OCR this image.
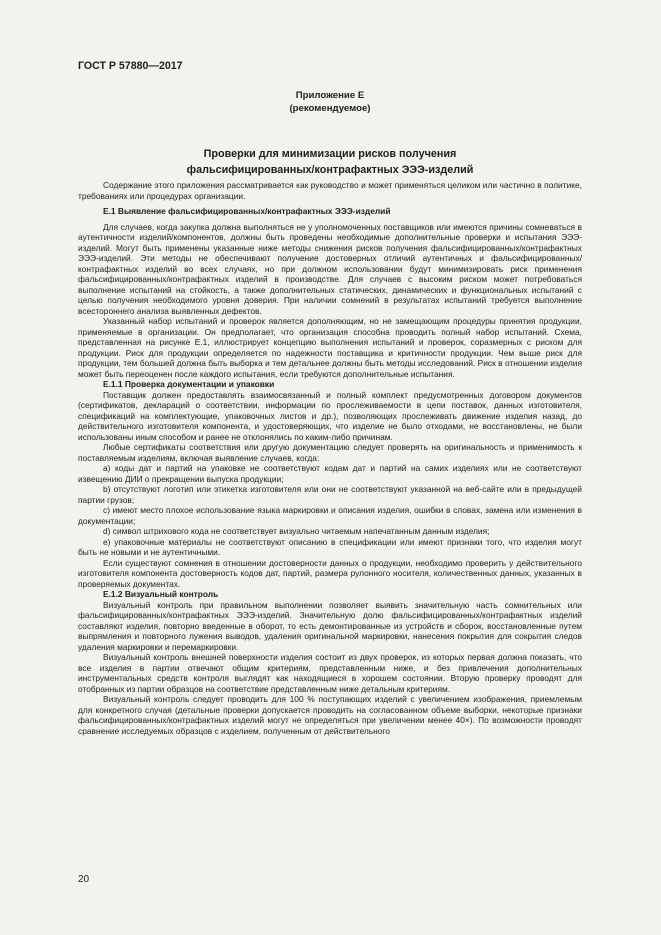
ГОСТ Р 57880—2017
Приложение Е
(рекомендуемое)
Проверки для минимизации рисков получения
фальсифицированных/контрафактных ЭЭЭ-изделий

Содержание этого приложения рассматривается как руководство и может применяться целиком или частично в политике, требованиях или процедурах организации.

Е.1 Выявление фальсифицированных/контрафактных ЭЭЭ-изделий

Для случаев, когда закупка должна выполняться не у уполномоченных поставщиков или имеются причины сомневаться в аутентичности изделий/компонентов, должны быть проведены необходимые дополнительные проверки и испытания ЭЭЭ-изделий. Могут быть применены указанные ниже методы снижения рисков получения фальсифицированных/контрафактных ЭЭЭ-изделий. Эти методы не обеспечивают получение достоверных отличий аутентичных и фальсифицированных/контрафактных изделий во всех случаях, но при должном использовании будут минимизировать риск применения фальсифицированных/контрафактных изделий в производстве. Для случаев с высоким риском может потребоваться выполнение испытаний на стойкость, а также дополнительных статических, динамических и функциональных испытаний с целью получения необходимого уровня доверия. При наличии сомнений в результатах испытаний требуется выполнение всестороннего анализа выявленных дефектов.

Указанный набор испытаний и проверок является дополняющим, но не замещающим процедуры принятия продукции, применяемые в организации. Он предполагает, что организация способна проводить полный набор испытаний. Схема, представленная на рисунке Е.1, иллюстрирует концепцию выполнения испытаний и проверок, соразмерных с риском для продукции. Риск для продукции определяется по надежности поставщика и критичности продукции. Чем выше риск для продукции, тем большей должна быть выборка и тем детальнее должны быть методы исследований. Риск в отношении изделия может быть переоценен после каждого испытания, если требуются дополнительные испытания.

Е.1.1 Проверка документации и упаковки

Поставщик должен предоставлять взаимосвязанный и полный комплект предусмотренных договором документов (сертификатов, деклараций о соответствии, информации по прослеживаемости в цепи поставок, данных изготовителя, спецификаций на комплектующие, упаковочных листов и др.), позволяющих прослеживать движение изделия назад, до действительного изготовителя компонента, и удостоверяющих, что изделие не было отходами, не восстановлены, не были использованы иным способом и ранее не отклонялись по каким-либо причинам.

Любые сертификаты соответствия или другую документацию следует проверять на оригинальность и применимость к поставляемым изделиям, включая выявление случаев, когда:

а) коды дат и партий на упаковке не соответствуют кодам дат и партий на самих изделиях или не соответствуют извещению ДИИ о прекращении выпуска продукции;

b) отсутствуют логотип или этикетка изготовителя или они не соответствуют указанной на веб-сайте или в предыдущей партии грузов;

c) имеют место плохое использование языка маркировки и описания изделия, ошибки в словах, замена или изменения в документации;

d) символ штрихового кода не соответствует визуально читаемым напечатанным данным изделия;

e) упаковочные материалы не соответствуют описанию в спецификации или имеют признаки того, что изделия могут быть не новыми и не аутентичными.

Если существуют сомнения в отношении достоверности данных о продукции, необходимо проверить у действительного изготовителя компонента достоверность кодов дат, партий, размера рулонного носителя, количественных данных, указанных в проверяемых документах.

Е.1.2 Визуальный контроль

Визуальный контроль при правильном выполнении позволяет выявить значительную часть сомнительных или фальсифицированных/контрафактных ЭЭЭ-изделий. Значительную долю фальсифицированных/контрафактных изделий составляют изделия, повторно введенные в оборот, то есть демонтированные из устройств и сборок, восстановленные путем выпрямления и повторного лужения выводов, удаления оригинальной маркировки, нанесения покрытия для сокрытия следов удаления маркировки и перемаркировки.

Визуальный контроль внешней поверхности изделия состоит из двух проверок, из которых первая должна показать, что все изделия в партии отвечают общим критериям, представленным ниже, и без привлечения дополнительных инструментальных средств контроля выглядят как находящиеся в хорошем состоянии. Вторую проверку проводят для отобранных из партии образцов на соответствие представленным ниже детальным критериям.

Визуальный контроль следует проводить для 100 % поступающих изделий с увеличением изображения, приемлемым для конкретного случая (детальные проверки допускается проводить на согласованном объеме выборки, некоторые признаки фальсифицированных/контрафактных изделий могут не определяться при увеличении менее 40×). По возможности проводят сравнение исследуемых образцов с изделием, полученным от действительного

20
